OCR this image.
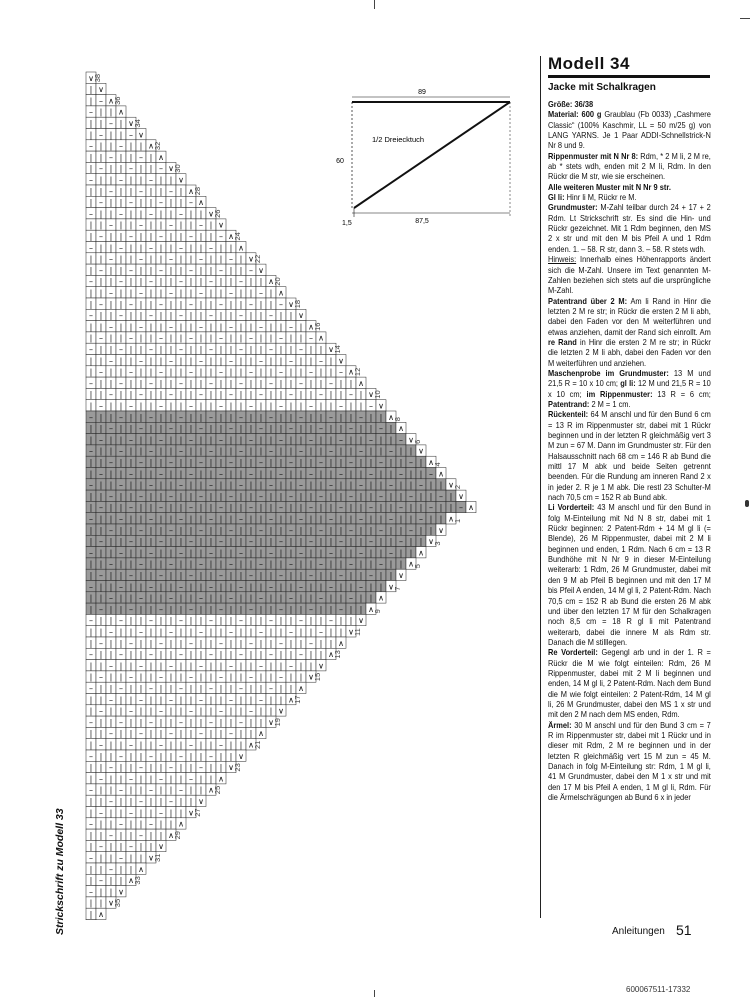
∨ 38
| ∨
| – ∧ 36
– | | ∧
| | – | ∨ 34
| – | | – ∨
– | | – | | ∧ 32
| | – | | – | ∧
| – | | – | | – ∨ 30
– | | – | | – | | ∨
| | – | | – | | – | ∧ 28
| – | | – | | – | | – ∧
– | | – | | – | | – | | ∨ 26
| | – | | – | | – | | – | ∨
| – | | – | | – | | – | | – ∧ 24
– | | – | | – | | – | | – | | ∧
| | – | | – | | – | | – | | – | ∨ 22
| – | | – | | – | | – | | – | | – ∨
– | | – | | – | | – | | – | | – | | ∧ 20
| | – | | – | | – | | – | | – | | – | ∧
| – | | – | | – | | – | | – | | – | | – ∨ 18
– | | – | | – | | – | | – | | – | | – | | ∨
| | – | | – | | – | | – | | – | | – | | – | ∧ 16
| – | | – | | – | | – | | – | | – | | – | | – ∧
– | | – | | – | | – | | – | | – | | – | | – | | ∨ 14
| | – | | – | | – | | – | | – | | – | | – | | – | ∨
| – | | – | | – | | – | | – | | – | | – | | – | | – ∧ 12
– | | – | | – | | – | | – | | – | | – | | – | | – | | ∧
| | – | | – | | – | | – | | – | | – | | – | | – | | – | ∨ 10
| – | | – | | – | | – | | – | | – | | – | | – | | – | | – ∨
– | | – | | – | | – | | – | | – | | – | | – | | – | | – | | ∧ 8
| | – | | – | | – | | – | | – | | – | | – | | – | | – | | – | ∧
| – | | – | | – | | – | | – | | – | | – | | – | | – | | – | | – ∨ 6
– | | – | | – | | – | | – | | – | | – | | – | | – | | – | | – | | ∨
| | – | | – | | – | | – | | – | | – | | – | | – | | – | | – | | – | ∧ 4
| – | | – | | – | | – | | – | | – | | – | | – | | – | | – | | – | | – ∧
– | | – | | – | | – | | – | | – | | – | | – | | – | | – | | – | | – | | ∨ 2
| | – | | – | | – | | – | | – | | – | | – | | – | | – | | – | | – | | – | ∨
| – | | – | | – | | – | | – | | – | | – | | – | | – | | – | | – | | – | | – ∧
– | | – | | – | | – | | – | | – | | – | | – | | – | | – | | – | | – | | ∧ 1
| | – | | – | | – | | – | | – | | – | | – | | – | | – | | – | | – | | ∨
| – | | – | | – | | – | | – | | – | | – | | – | | – | | – | | – | | ∨ 3
– | | – | | – | | – | | – | | – | | – | | – | | – | | – | | – | | ∧
| | – | | – | | – | | – | | – | | – | | – | | – | | – | | – | | ∧ 5
| – | | – | | – | | – | | – | | – | | – | | – | | – | | – | | ∨
– | | – | | – | | – | | – | | – | | – | | – | | – | | – | | ∨ 7
| | – | | – | | – | | – | | – | | – | | – | | – | | – | | ∧
| – | | – | | – | | – | | – | | – | | – | | – | | – | | ∧ 9
– | | – | | – | | – | | – | | – | | – | | – | | – | | ∨
| | – | | – | | – | | – | | – | | – | | – | | – | | ∨ 11
| – | | – | | – | | – | | – | | – | | – | | – | | ∧
– | | – | | – | | – | | – | | – | | – | | – | | ∧ 13
| | – | | – | | – | | – | | – | | – | | – | | ∨
| – | | – | | – | | – | | – | | – | | – | | ∨ 15
– | | – | | – | | – | | – | | – | | – | | ∧
| | – | | – | | – | | – | | – | | – | | ∧ 17
| – | | – | | – | | – | | – | | – | | ∨
– | | – | | – | | – | | – | | – | | ∨ 19
| | – | | – | | – | | – | | – | | ∧
| – | | – | | – | | – | | – | | ∧ 21
– | | – | | – | | – | | – | | ∨
| | – | | – | | – | | – | | ∨ 23
| – | | – | | – | | – | | ∧
– | | – | | – | | – | | ∧ 25
| | – | | – | | – | | ∨
| – | | – | | – | | ∨ 27
– | | – | | – | | ∧
| | – | | – | | ∧ 29
| – | | – | | ∨
– | | – | | ∨ 31
| | – | | ∧
| – | | ∧ 33
– | | ∨
| | ∨ 35
| ∧
Strickschrift zu Modell 33
Modell 34
Jacke mit Schalkragen
89
1/2 Dreiecktuch
60
87,5
1,5

Größe: 36/38

Material: 600 g Graublau (Fb 0033) „Cashmere Classic“ (100% Kaschmir, LL = 50 m/25 g) von LANG YARNS. Je 1 Paar ADDI-Schnellstrick-N Nr 8 und 9.

Rippenmuster mit N Nr 8: Rdm, * 2 M li, 2 M re, ab * stets wdh, enden mit 2 M li, Rdm. In den Rückr die M str, wie sie erscheinen.

Alle weiteren Muster mit N Nr 9 str.

Gl li: Hinr li M, Rückr re M.

Grundmuster: M-Zahl teilbar durch 24 + 17 + 2 Rdm. Lt Strickschrift str. Es sind die Hin- und Rückr gezeichnet. Mit 1 Rdm beginnen, den MS 2 x str und mit den M bis Pfeil A und 1 Rdm enden. 1. – 58. R str, dann 3. – 58. R stets wdh.

Hinweis: Innerhalb eines Höhenrapports ändert sich die M-Zahl. Unsere im Text genannten M-Zahlen beziehen sich stets auf die ursprüngliche M-Zahl.

Patentrand über 2 M: Am li Rand in Hinr die letzten 2 M re str; in Rückr die ersten 2 M li abh, dabei den Faden vor den M weiterführen und etwas anziehen, damit der Rand sich einrollt. Am re Rand in Hinr die ersten 2 M re str; in Rückr die letzten 2 M li abh, dabei den Faden vor den M weiterführen und anziehen.

Maschenprobe im Grundmuster: 13 M und 21,5 R = 10 x 10 cm; gl li: 12 M und 21,5 R = 10 x 10 cm; im Rippenmuster: 13 R = 6 cm; Patentrand: 2 M = 1 cm.

Rückenteil: 64 M anschl und für den Bund 6 cm = 13 R im Rippenmuster str, dabei mit 1 Rückr beginnen und in der letzten R gleichmäßig vert 3 M zun = 67 M. Dann im Grundmuster str. Für den Halsausschnitt nach 68 cm = 146 R ab Bund die mittl 17 M abk und beide Seiten getrennt beenden. Für die Rundung am inneren Rand 2 x in jeder 2. R je 1 M abk. Die restl 23 Schulter-M nach 70,5 cm = 152 R ab Bund abk.

Li Vorderteil: 43 M anschl und für den Bund in folg M-Einteilung mit Nd N 8 str, dabei mit 1 Rückr beginnen: 2 Patent-Rdm + 14 M gl li (= Blende), 26 M Rippenmuster, dabei mit 2 M li beginnen und enden, 1 Rdm. Nach 6 cm = 13 R Bundhöhe mit N Nr 9 in dieser M-Einteilung weiterarb: 1 Rdm, 26 M Grundmuster, dabei mit den 9 M ab Pfeil B beginnen und mit den 17 M bis Pfeil A enden, 14 M gl li, 2 Patent-Rdm. Nach 70,5 cm = 152 R ab Bund die ersten 26 M abk und über den letzten 17 M für den Schalkragen noch 8,5 cm = 18 R gl li mit Patentrand weiterarb, dabei die innere M als Rdm str. Danach die M stilllegen.

Re Vorderteil: Gegengl arb und in der 1. R = Rückr die M wie folgt einteilen: Rdm, 26 M Rippenmuster, dabei mit 2 M li beginnen und enden, 14 M gl li, 2 Patent-Rdm. Nach dem Bund die M wie folgt einteilen: 2 Patent-Rdm, 14 M gl li, 26 M Grundmuster, dabei den MS 1 x str und mit den 2 M nach dem MS enden, Rdm.

Ärmel: 30 M anschl und für den Bund 3 cm = 7 R im Rippenmuster str, dabei mit 1 Rückr und in dieser mit Rdm, 2 M re beginnen und in der letzten R gleichmäßig vert 15 M zun = 45 M. Danach in folg M-Einteilung str: Rdm, 1 M gl li, 41 M Grundmuster, dabei den M 1 x str und mit den 17 M bis Pfeil A enden, 1 M gl li, Rdm. Für die Ärmelschrägungen ab Bund 6 x in jeder

Anleitungen 51
600067511-17332
